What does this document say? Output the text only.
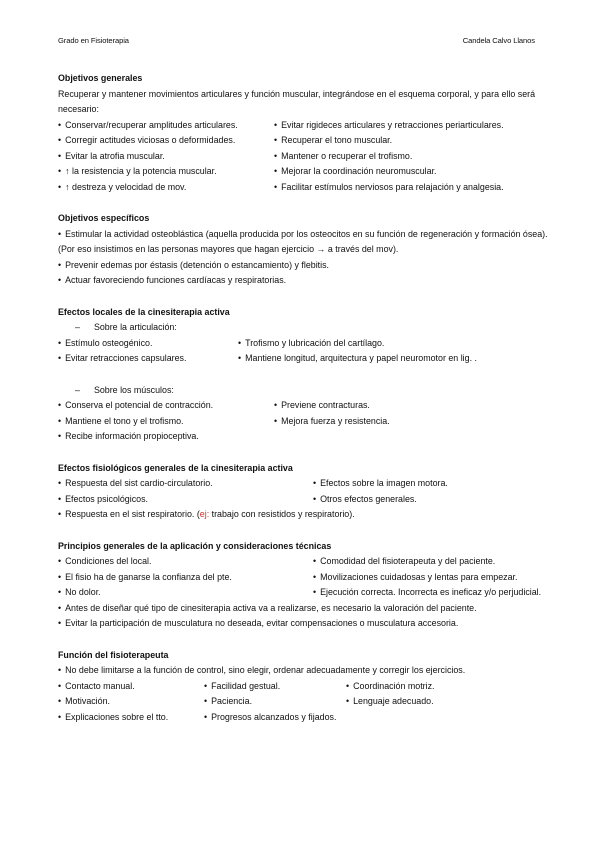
Grado en Fisioterapia	Candela Calvo Llanos
Objetivos generales

Recuperar y mantener movimientos articulares y función muscular, integrándose en el esquema corporal, y para ello será necesario:

• Conservar/recuperar amplitudes articulares.	• Evitar rigideces articulares y retracciones periarticulares.
• Corregir actitudes viciosas o deformidades.	• Recuperar el tono muscular.
• Evitar la atrofia muscular.	• Mantener o recuperar el trofismo.
• ↑ la resistencia y la potencia muscular.	• Mejorar la coordinación neuromuscular.
• ↑ destreza y velocidad de mov.	• Facilitar estímulos nerviosos para relajación y analgesia.
Objetivos específicos
• Estimular la actividad osteoblástica (aquella producida por los osteocitos en su función de regeneración y formación ósea). (Por eso insistimos en las personas mayores que hagan ejercicio → a través del mov).
• Prevenir edemas por éstasis (detención o estancamiento) y flebitis.
• Actuar favoreciendo funciones cardíacas y respiratorias.
Efectos locales de la cinesiterapia activa
– Sobre la articulación:
• Estímulo osteogénico.	• Trofismo y lubricación del cartílago.
• Evitar retracciones capsulares.	• Mantiene longitud, arquitectura y papel neuromotor en lig. .
– Sobre los músculos:
• Conserva el potencial de contracción.	• Previene contracturas.
• Mantiene el tono y el trofismo.	• Mejora fuerza y resistencia.
• Recibe información propioceptiva.
Efectos fisiológicos generales de la cinesiterapia activa
• Respuesta del sist cardio-circulatorio.	• Efectos sobre la imagen motora.
• Efectos psicológicos.	• Otros efectos generales.
• Respuesta en el sist respiratorio. (ej: trabajo con resistidos y respiratorio).
Principios generales de la aplicación y consideraciones técnicas
• Condiciones del local.	• Comodidad del fisioterapeuta y del paciente.
• El fisio ha de ganarse la confianza del pte.	• Movilizaciones cuidadosas y lentas para empezar.
• No dolor.	• Ejecución correcta. Incorrecta es ineficaz y/o perjudicial.
• Antes de diseñar qué tipo de cinesiterapia activa va a realizarse, es necesario la valoración del paciente.
• Evitar la participación de musculatura no deseada, evitar compensaciones o musculatura accesoria.
Función del fisioterapeuta
• No debe limitarse a la función de control, sino elegir, ordenar adecuadamente y corregir los ejercicios.
• Contacto manual.	• Facilidad gestual.	• Coordinación motriz.
• Motivación.	• Paciencia.	• Lenguaje adecuado.
• Explicaciones sobre el tto.	• Progresos alcanzados y fijados.
